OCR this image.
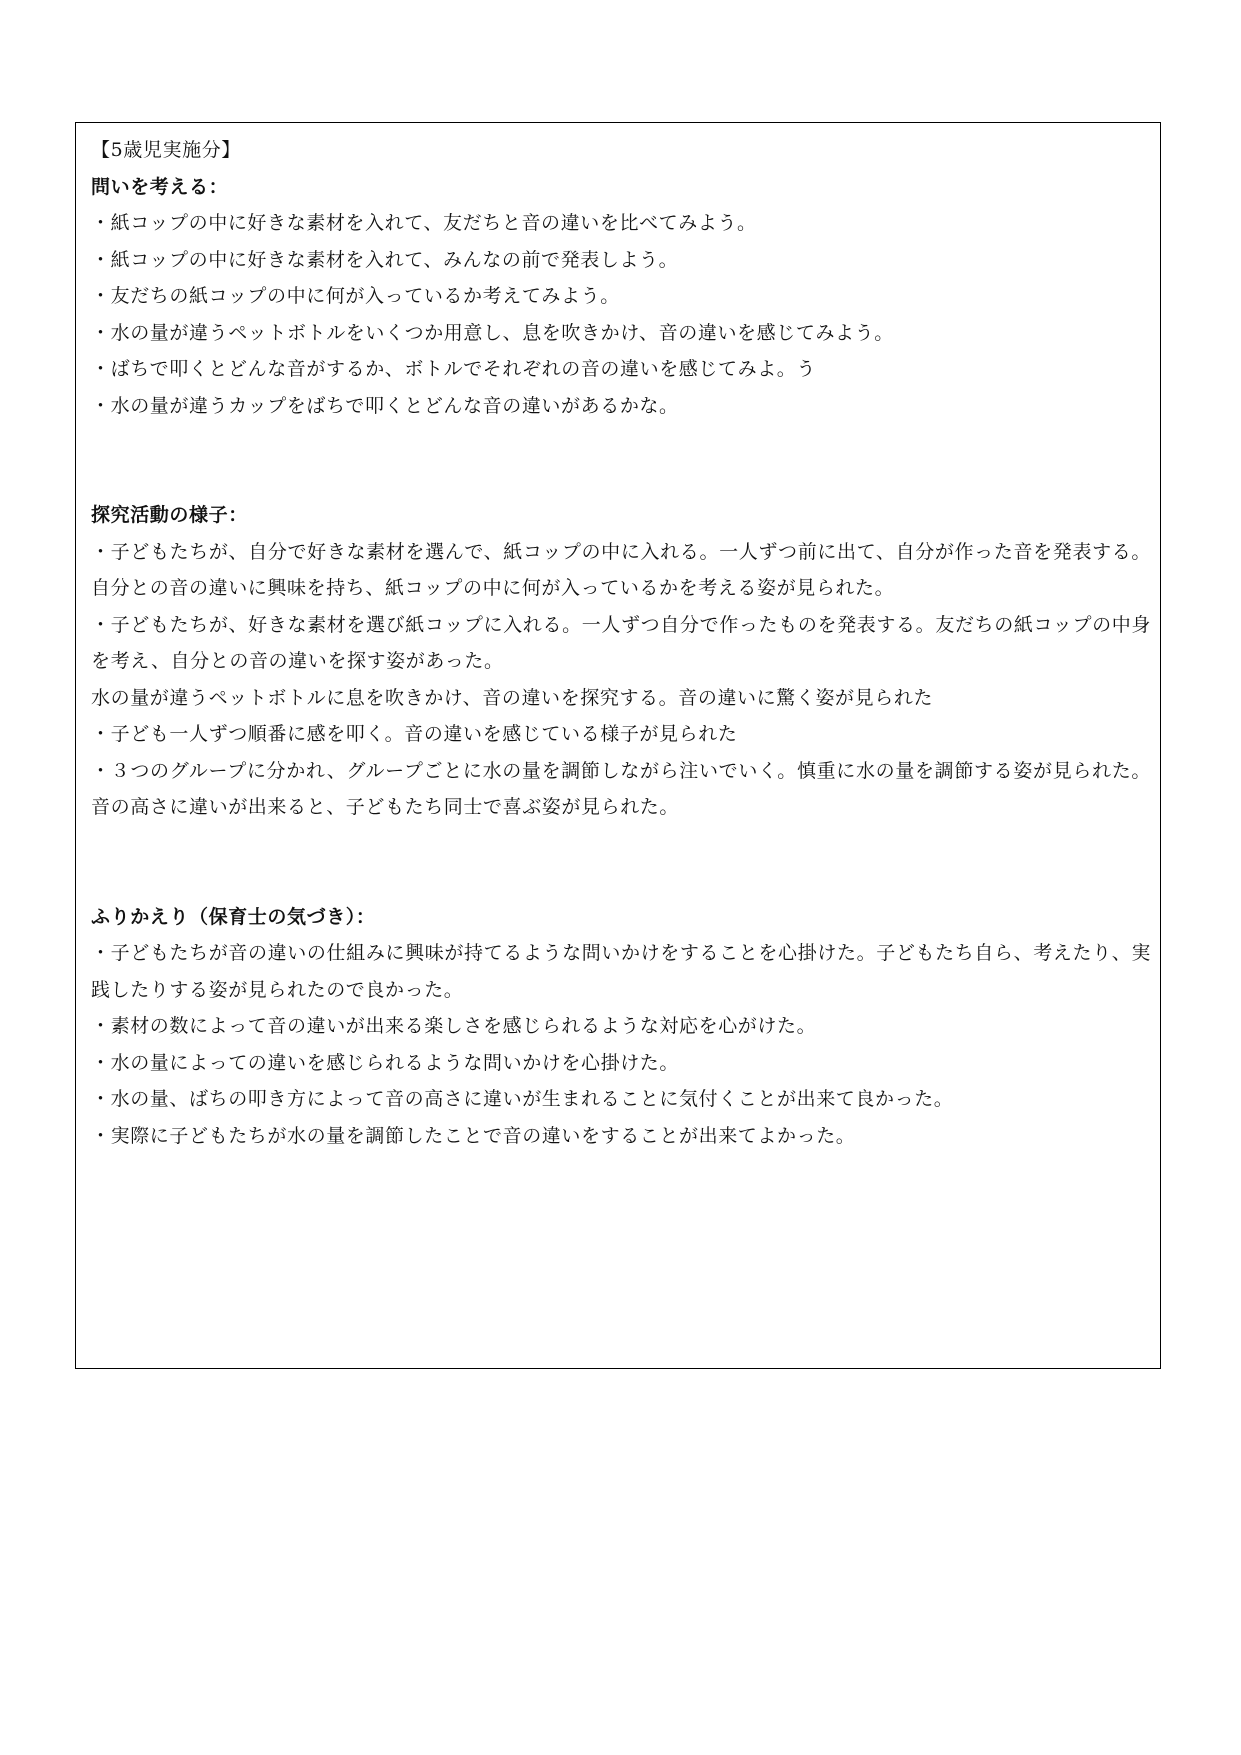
【5歳児実施分】

問いを考える：

・紙コップの中に好きな素材を入れて、友だちと音の違いを比べてみよう。

・紙コップの中に好きな素材を入れて、みんなの前で発表しよう。

・友だちの紙コップの中に何が入っているか考えてみよう。

・水の量が違うペットボトルをいくつか用意し、息を吹きかけ、音の違いを感じてみよう。

・ばちで叩くとどんな音がするか、ボトルでそれぞれの音の違いを感じてみよ。う

・水の量が違うカップをばちで叩くとどんな音の違いがあるかな。

探究活動の様子：

・子どもたちが、自分で好きな素材を選んで、紙コップの中に入れる。一人ずつ前に出て、自分が作った音を発表する。自分との音の違いに興味を持ち、紙コップの中に何が入っているかを考える姿が見られた。

・子どもたちが、好きな素材を選び紙コップに入れる。一人ずつ自分で作ったものを発表する。友だちの紙コップの中身を考え、自分との音の違いを探す姿があった。

水の量が違うペットボトルに息を吹きかけ、音の違いを探究する。音の違いに驚く姿が見られた

・子ども一人ずつ順番に感を叩く。音の違いを感じている様子が見られた

・３つのグループに分かれ、グループごとに水の量を調節しながら注いでいく。慎重に水の量を調節する姿が見られた。音の高さに違いが出来ると、子どもたち同士で喜ぶ姿が見られた。

ふりかえり（保育士の気づき）：

・子どもたちが音の違いの仕組みに興味が持てるような問いかけをすることを心掛けた。子どもたち自ら、考えたり、実践したりする姿が見られたので良かった。

・素材の数によって音の違いが出来る楽しさを感じられるような対応を心がけた。

・水の量によっての違いを感じられるような問いかけを心掛けた。

・水の量、ばちの叩き方によって音の高さに違いが生まれることに気付くことが出来て良かった。

・実際に子どもたちが水の量を調節したことで音の違いをすることが出来てよかった。
